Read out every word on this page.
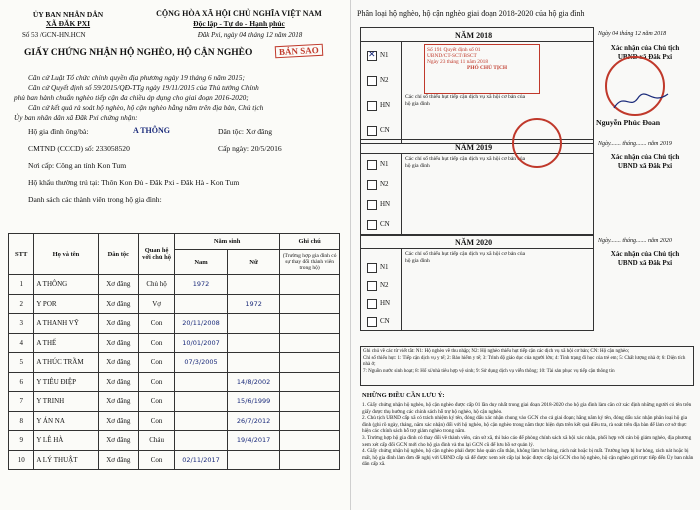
ỦY BAN NHÂN DÂN
XÃ ĐĂK PXI
Số 53 /GCN-HN.HCN
CỘNG HÒA XÃ HỘI CHỦ NGHĨA VIỆT NAM
Độc lập - Tự do - Hạnh phúc
Đăk Pxi, ngày 04 tháng 12 năm 2018
GIẤY CHỨNG NHẬN HỘ NGHÈO, HỘ CẬN NGHÈO	BẢN SAO
Căn cứ Luật Tổ chức chính quyền địa phương ngày 19 tháng 6 năm 2015;
Căn cứ Quyết định số 59/2015/QĐ-TTg ngày 19/11/2015 của Thủ tướng Chính
phủ ban hành chuẩn nghèo tiếp cận đa chiều áp dụng cho giai đoạn 2016-2020;
Căn cứ kết quả rà soát hộ nghèo, hộ cận nghèo hằng năm trên địa bàn, Chủ tịch
Ủy ban nhân dân xã Đăk Pxi chứng nhận:
Hộ gia đình ông/bà:	A THÔNG	Dân tộc: Xơ đăng
CMTND (CCCD) số: 233058520	Cấp ngày: 20/5/2016
Nơi cấp: Công an tỉnh Kon Tum
Hộ khẩu thường trú tại: Thôn Kon Đủ - Đăk Pxi - Đăk Hà - Kon Tum
Danh sách các thành viên trong hộ gia đình:
STT	Họ và tên	Dân tộc	Quan hệ với chủ hộ	Năm sinh		Ghi chú
				Nam	Nữ	(Trường hợp gia đình có sự thay đổi thành viên trong hộ)
1	A THÔNG	Xơ đăng	Chủ hộ	1972		
2	Y POR	Xơ đăng	Vợ		1972	
3	A THANH VỸ	Xơ đăng	Con	20/11/2008		
4	A THẾ	Xơ đăng	Con	10/01/2007		
5	A THÚC TRẦM	Xơ đăng	Con	07/3/2005		
6	Y TIÊU ĐIỆP	Xơ đăng	Con		14/8/2002	
7	Y TRINH	Xơ đăng	Con		15/6/1999	
8	Y ÁN NA	Xơ đăng	Con		26/7/2012	
9	Y LÊ HÀ	Xơ đăng	Cháu		19/4/2017	
10	A LÝ THUẬT	Xơ đăng	Con	02/11/2017		
Phân loại hộ nghèo, hộ cận nghèo giai đoạn 2018-2020 của hộ gia đình
NĂM 2018
✕ N1
N2
HN
CN
Các chỉ số thiếu hụt tiếp cận dịch vụ xã hội cơ bản của
hộ gia đình
Số 191 Quyết định số 01
UBND/CT-SCT/BSCT
Ngày 23 tháng 11 năm 2018
PHÓ CHỦ TỊCH
Ngày 04 tháng 12 năm 2018
Xác nhận của Chủ tịch
UBND xã Đăk Pxi
Nguyễn Phúc Đoan
NĂM 2019
Các chỉ số thiếu hụt tiếp cận dịch vụ xã hội cơ bản của
hộ gia đình
N1
N2
HN
CN
Ngày....... tháng....... năm 2019
Xác nhận của Chủ tịch
UBND xã Đăk Pxi
NĂM 2020
Các chỉ số thiếu hụt tiếp cận dịch vụ xã hội cơ bản của
hộ gia đình
N1
N2
HN
CN
Ngày....... tháng....... năm 2020
Xác nhận của Chủ tịch
UBND xã Đăk Pxi
Ghi chú về các từ viết tắt: N1: Hộ nghèo về thu nhập; N2: Hộ nghèo thiếu hụt tiếp cận các dịch vụ xã hội cơ bản; CN: Hộ cận nghèo;
Chỉ số thiếu hụt: 1: Tiếp cận dịch vụ y tế; 2: Bảo hiểm y tế; 3: Trình độ giáo dục của người lớn; 4: Tình trạng đi học của trẻ em; 5: Chất lượng nhà ở; 6: Diện tích nhà ở;
7: Nguồn nước sinh hoạt; 8: Hố xí/nhà tiêu hợp vệ sinh; 9: Sử dụng dịch vụ viễn thông; 10: Tài sản phục vụ tiếp cận thông tin
NHỮNG ĐIỀU CẦN LƯU Ý:
1. Giấy chứng nhận hộ nghèo, hộ cận nghèo được cấp 01 lần duy nhất trong giai đoạn 2018-2020 cho hộ gia đình làm căn cứ xác định những người có tên trên giấy được thụ hưởng các chính sách hỗ trợ hộ nghèo, hộ cận nghèo.
2. Chủ tịch UBND cấp xã có trách nhiệm ký tên, đóng dấu xác nhận chung vào GCN cho cả giai đoạn; hằng năm ký tên, đóng dấu xác nhận phân loại hộ gia đình (ghi rõ ngày, tháng, năm xác nhận) đối với hộ nghèo, hộ cận nghèo trong năm thực hiện dựa trên kết quả điều tra, rà soát trên địa bàn để làm cơ sở thực hiện các chính sách hỗ trợ giảm nghèo trong năm.
3. Trường hợp hộ gia đình có thay đổi về thành viên, cán sứ xã, thì báo cáo để phòng chính sách xã hội xác nhận, phối hợp với cán bộ giảm nghèo, địa phương xem xét cấp đổi GCN mới cho hộ gia đình và thu lại GCN cũ để lưu hồ sơ quản lý.
4. Giấy chứng nhận hộ nghèo, hộ cận nghèo phải được bảo quản cẩn thận, không làm hư hỏng, rách nát hoặc bị mất. Trường hợp bị hư hỏng, rách nát hoặc bị mất, hộ gia đình làm đơn đề nghị với UBND cấp xã để được xem xét cấp lại hoặc được cấp lại GCN cho hộ nghèo, hộ cận nghèo gửi trực tiếp đến Ủy ban nhân dân cấp xã.
